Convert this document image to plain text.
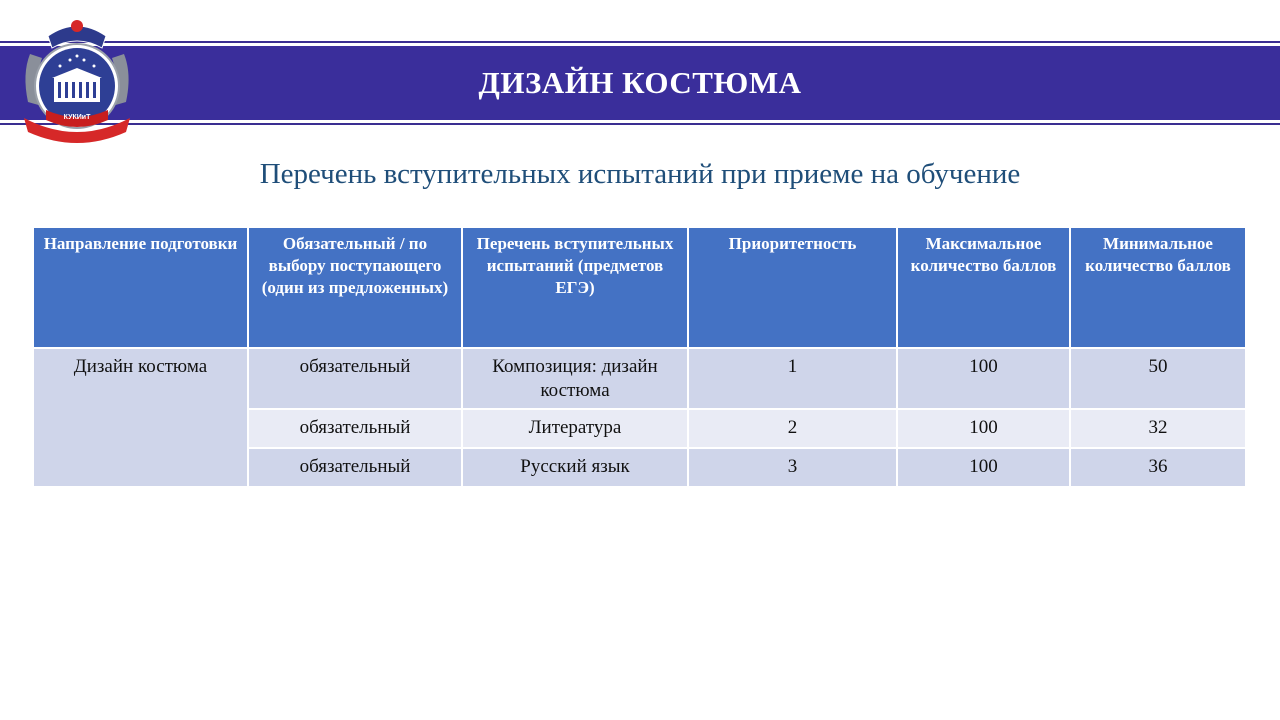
ДИЗАЙН КОСТЮМА
КУКИиТ
Перечень вступительных испытаний при приеме на обучение
Направление подготовки	Обязательный / по выбору поступающего (один из предложенных)	Перечень вступительных испытаний (предметов ЕГЭ)	Приоритетность	Максимальное количество баллов	Минимальное количество баллов
Дизайн костюма	обязательный	Композиция: дизайн костюма	1	100	50
	обязательный	Литература	2	100	32
	обязательный	Русский язык	3	100	36
